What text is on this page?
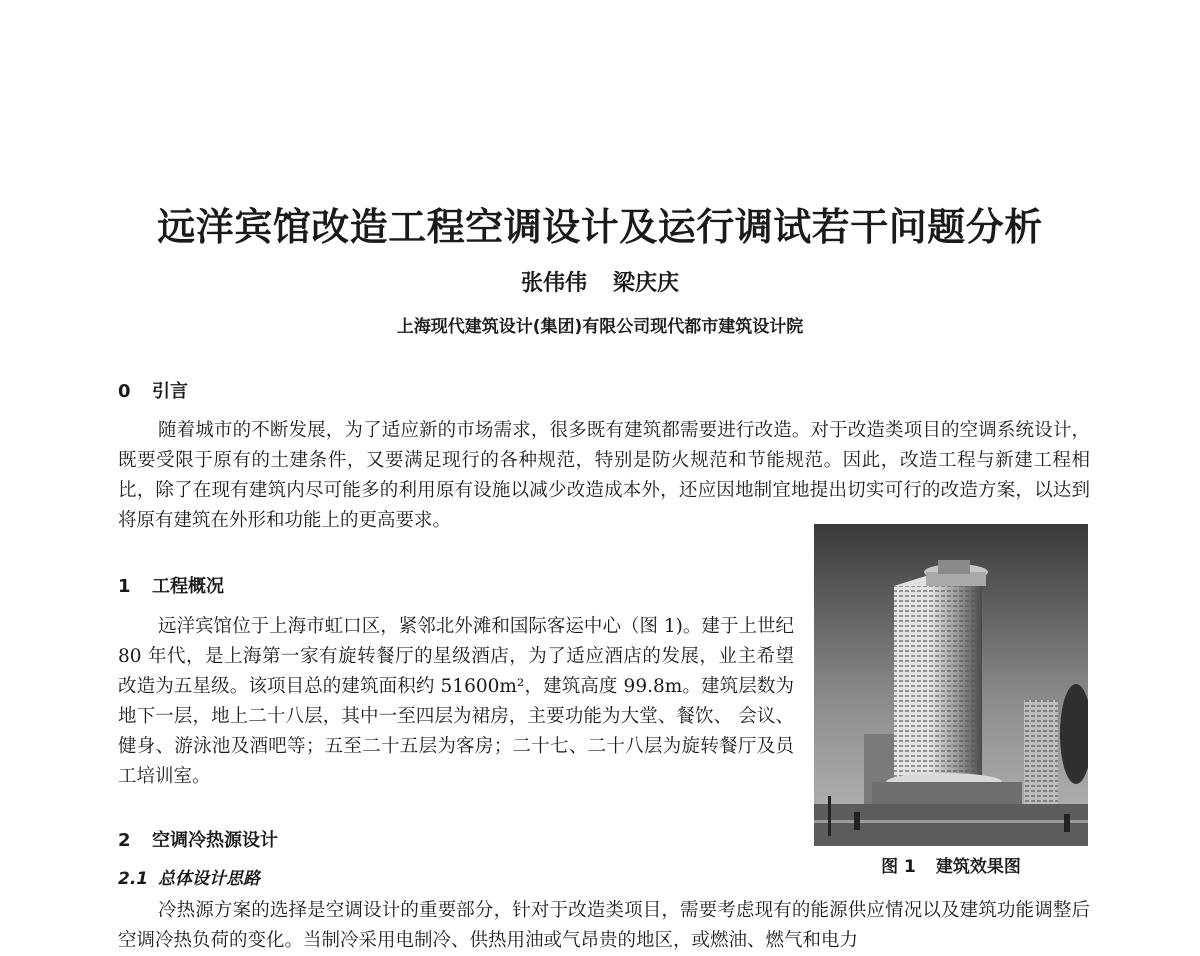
远洋宾馆改造工程空调设计及运行调试若干问题分析
张伟伟 梁庆庆
上海现代建筑设计(集团)有限公司现代都市建筑设计院
0 引言

随着城市的不断发展，为了适应新的市场需求，很多既有建筑都需要进行改造。对于改造类项目的空调系统设计，既要受限于原有的土建条件，又要满足现行的各种规范，特别是防火规范和节能规范。因此，改造工程与新建工程相比，除了在现有建筑内尽可能多的利用原有设施以减少改造成本外，还应因地制宜地提出切实可行的改造方案，以达到将原有建筑在外形和功能上的更高要求。

1 工程概况

远洋宾馆位于上海市虹口区，紧邻北外滩和国际客运中心（图 1)。建于上世纪 80 年代，是上海第一家有旋转餐厅的星级酒店，为了适应酒店的发展，业主希望改造为五星级。该项目总的建筑面积约 51600m²，建筑高度 99.8m。建筑层数为地下一层，地上二十八层，其中一至四层为裙房，主要功能为大堂、餐饮、 会议、健身、游泳池及酒吧等；五至二十五层为客房；二十七、二十八层为旋转餐厅及员工培训室。

图 1 建筑效果图
2 空调冷热源设计
2.1 总体设计思路

冷热源方案的选择是空调设计的重要部分，针对于改造类项目，需要考虑现有的能源供应情况以及建筑功能调整后空调冷热负荷的变化。当制冷采用电制冷、供热用油或气昂贵的地区，或燃油、燃气和电力
